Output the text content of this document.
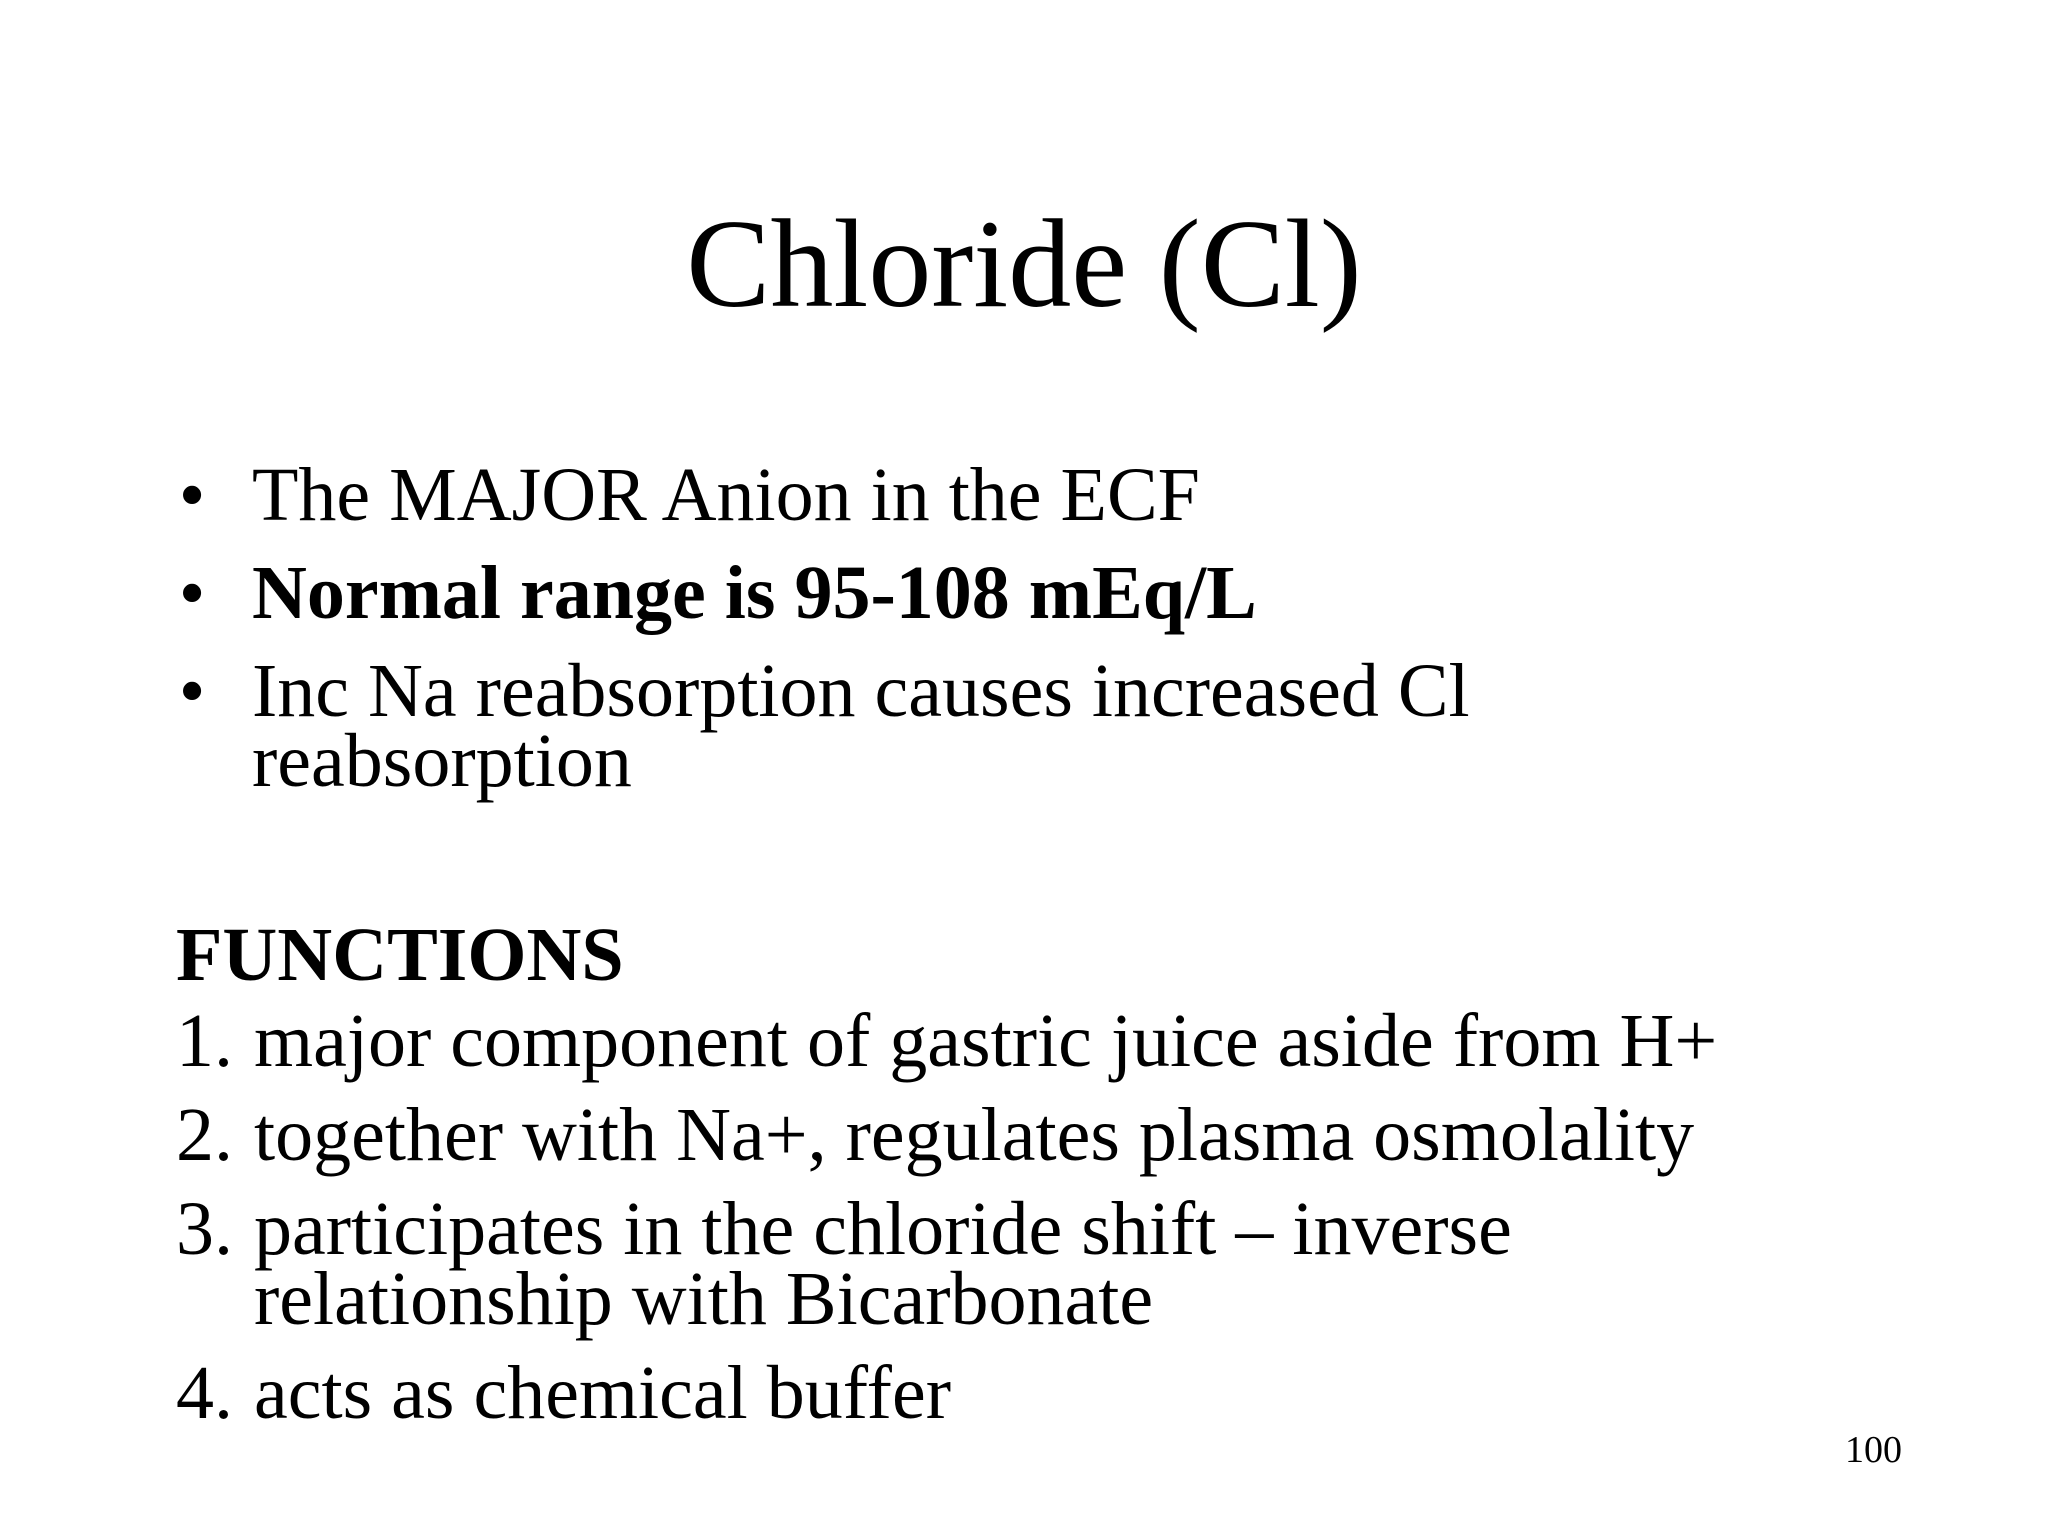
Chloride (Cl)
• The MAJOR Anion in the ECF
• Normal range is 95-108 mEq/L
• Inc Na reabsorption causes increased Cl reabsorption
FUNCTIONS
1. major component of gastric juice aside from H+
2. together with Na+, regulates plasma osmolality
3. participates in the chloride shift – inverse relationship with Bicarbonate
4. acts as chemical buffer
100
